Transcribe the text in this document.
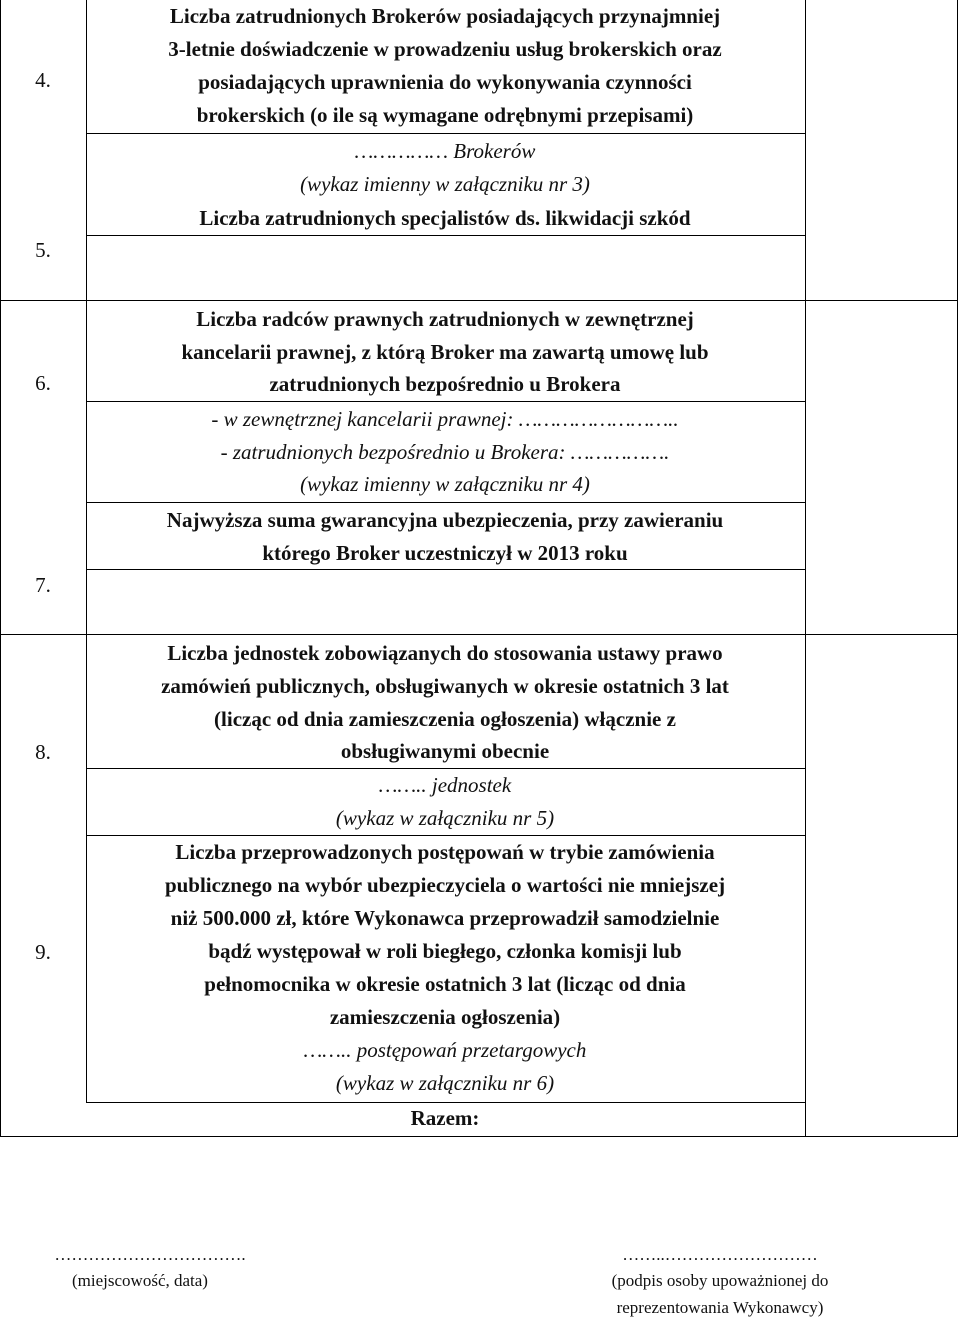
4.
5.
6.
7.
8.
9.
Liczba zatrudnionych Brokerów posiadających przynajmniej
3-letnie doświadczenie w prowadzeniu usług brokerskich oraz
posiadających uprawnienia do wykonywania czynności
brokerskich (o ile są wymagane odrębnymi przepisami)
…………… Brokerów
(wykaz imienny w załączniku nr 3)
Liczba zatrudnionych specjalistów ds. likwidacji szkód
Liczba radców prawnych zatrudnionych w zewnętrznej
kancelarii prawnej, z którą Broker ma zawartą umowę lub
zatrudnionych bezpośrednio u Brokera
- w zewnętrznej kancelarii prawnej: ……………………..
- zatrudnionych bezpośrednio u Brokera: …………….
(wykaz imienny w załączniku nr 4)
Najwyższa suma gwarancyjna ubezpieczenia, przy zawieraniu
którego Broker uczestniczył w 2013 roku
Liczba jednostek zobowiązanych do stosowania ustawy prawo
zamówień publicznych, obsługiwanych w okresie ostatnich 3 lat
(licząc od dnia zamieszczenia ogłoszenia) włącznie z
obsługiwanymi obecnie
…….. jednostek
(wykaz w załączniku nr 5)
Liczba przeprowadzonych postępowań w trybie zamówienia
publicznego na wybór ubezpieczyciela o wartości nie mniejszej
niż 500.000 zł, które Wykonawca przeprowadził samodzielnie
bądź występował w roli biegłego, członka komisji lub
pełnomocnika w okresie ostatnich 3 lat (licząc od dnia
zamieszczenia ogłoszenia)
…….. postępowań przetargowych
(wykaz w załączniku nr 6)
Razem:
…………………………….
(miejscowość, data)
……..………………………
(podpis osoby upoważnionej do
reprezentowania Wykonawcy)
